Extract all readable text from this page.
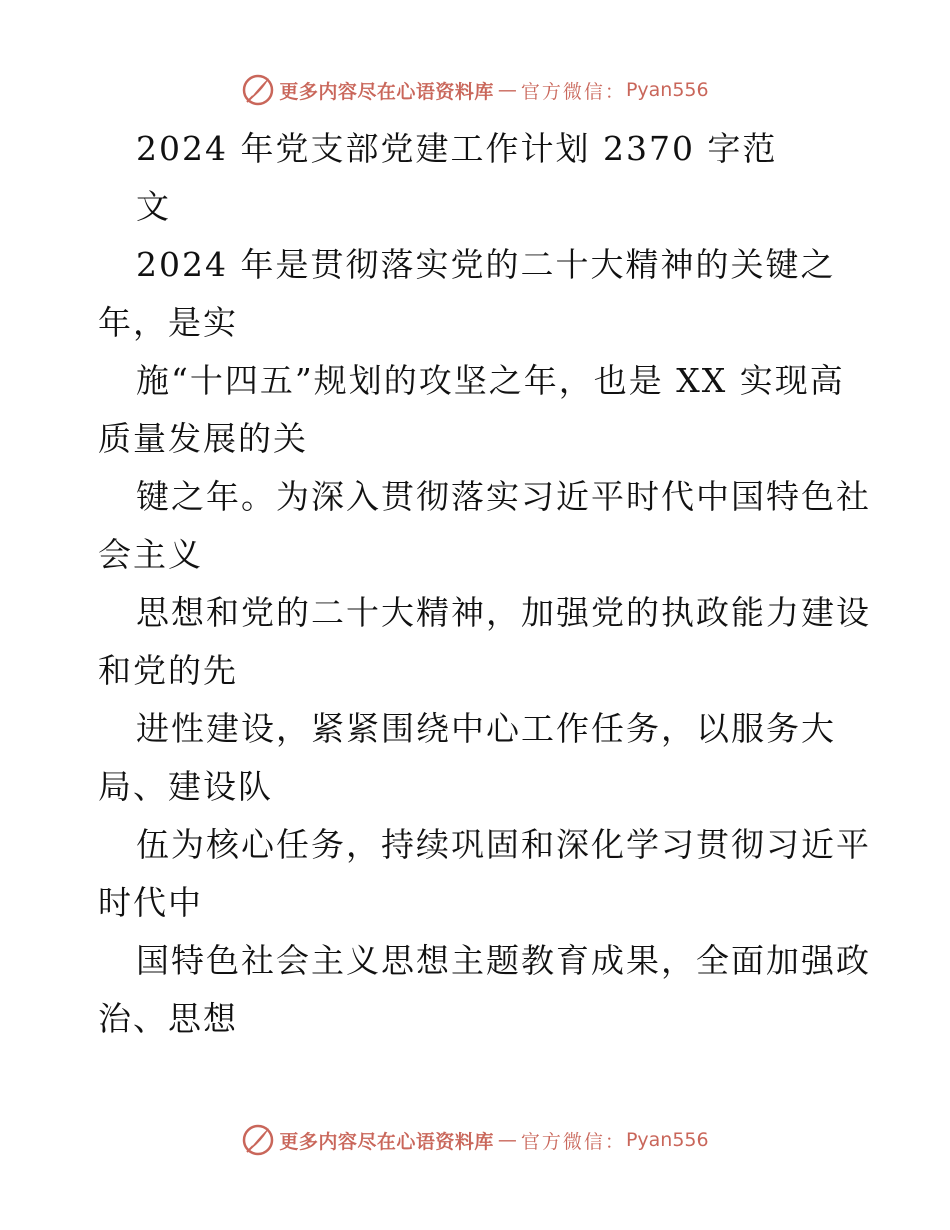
更多内容尽在心语资料库 — 官方微信： Pyan556
2024 年党支部党建工作计划 2370 字范
文
2024 年是贯彻落实党的二十大精神的关键之
年，是实
施“十四五”规划的攻坚之年，也是 XX 实现高
质量发展的关
键之年。为深入贯彻落实习近平时代中国特色社
会主义
思想和党的二十大精神，加强党的执政能力建设
和党的先
进性建设，紧紧围绕中心工作任务，以服务大
局、建设队
伍为核心任务，持续巩固和深化学习贯彻习近平
时代中
国特色社会主义思想主题教育成果，全面加强政
治、思想
更多内容尽在心语资料库 — 官方微信： Pyan556
